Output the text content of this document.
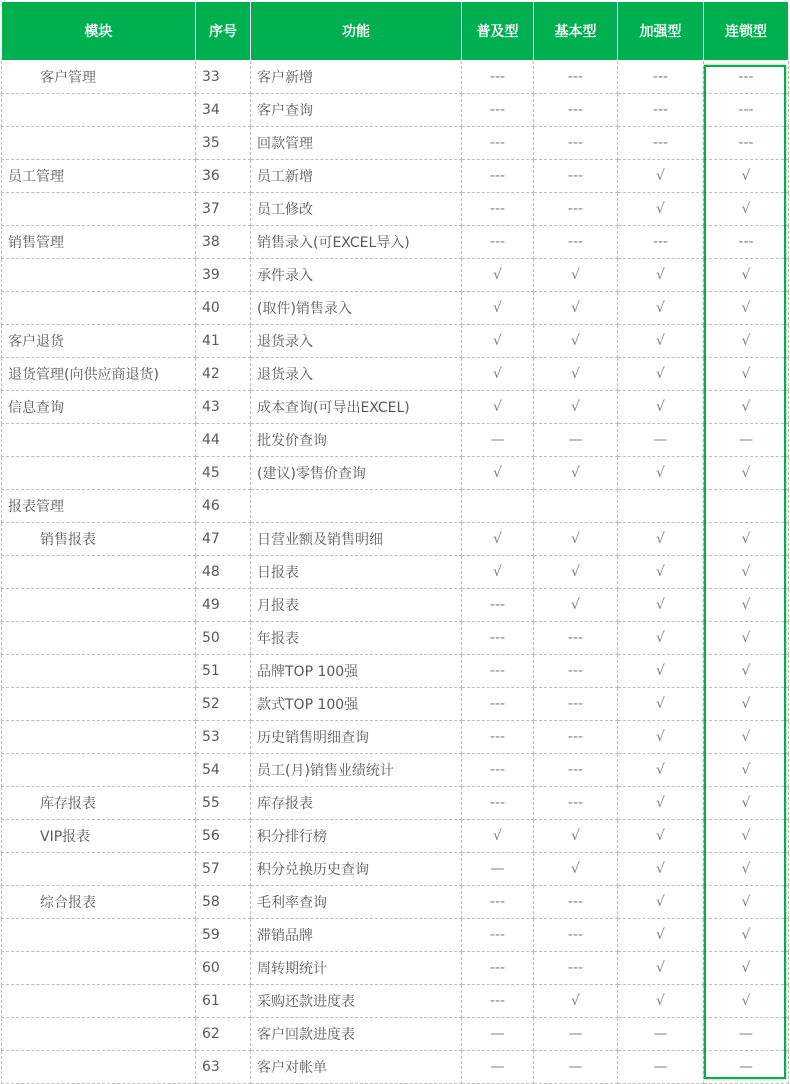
模块	序号	功能	普及型	基本型	加强型	连锁型
客户管理	33	客户新增	---	---	---	---
	34	客户查询	---	---	---	---
	35	回款管理	---	---	---	---
员工管理	36	员工新增	---	---	√	√
	37	员工修改	---	---	√	√
销售管理	38	销售录入(可EXCEL导入)	---	---	---	---
	39	承件录入	√	√	√	√
	40	(取件)销售录入	√	√	√	√
客户退货	41	退货录入	√	√	√	√
退货管理(向供应商退货)	42	退货录入	√	√	√	√
信息查询	43	成本查询(可导出EXCEL)	√	√	√	√
	44	批发价查询	—	—	—	—
	45	(建议)零售价查询	√	√	√	√
报表管理	46					
销售报表	47	日营业额及销售明细	√	√	√	√
	48	日报表	√	√	√	√
	49	月报表	---	√	√	√
	50	年报表	---	---	√	√
	51	品牌TOP 100强	---	---	√	√
	52	款式TOP 100强	---	---	√	√
	53	历史销售明细查询	---	---	√	√
	54	员工(月)销售业绩统计	---	---	√	√
库存报表	55	库存报表	---	---	√	√
VIP报表	56	积分排行榜	√	√	√	√
	57	积分兑换历史查询	—	√	√	√
综合报表	58	毛利率查询	---	---	√	√
	59	滞销品牌	---	---	√	√
	60	周转期统计	---	---	√	√
	61	采购还款进度表	---	√	√	√
	62	客户回款进度表	—	—	—	—
	63	客户对帐单	—	—	—	—
